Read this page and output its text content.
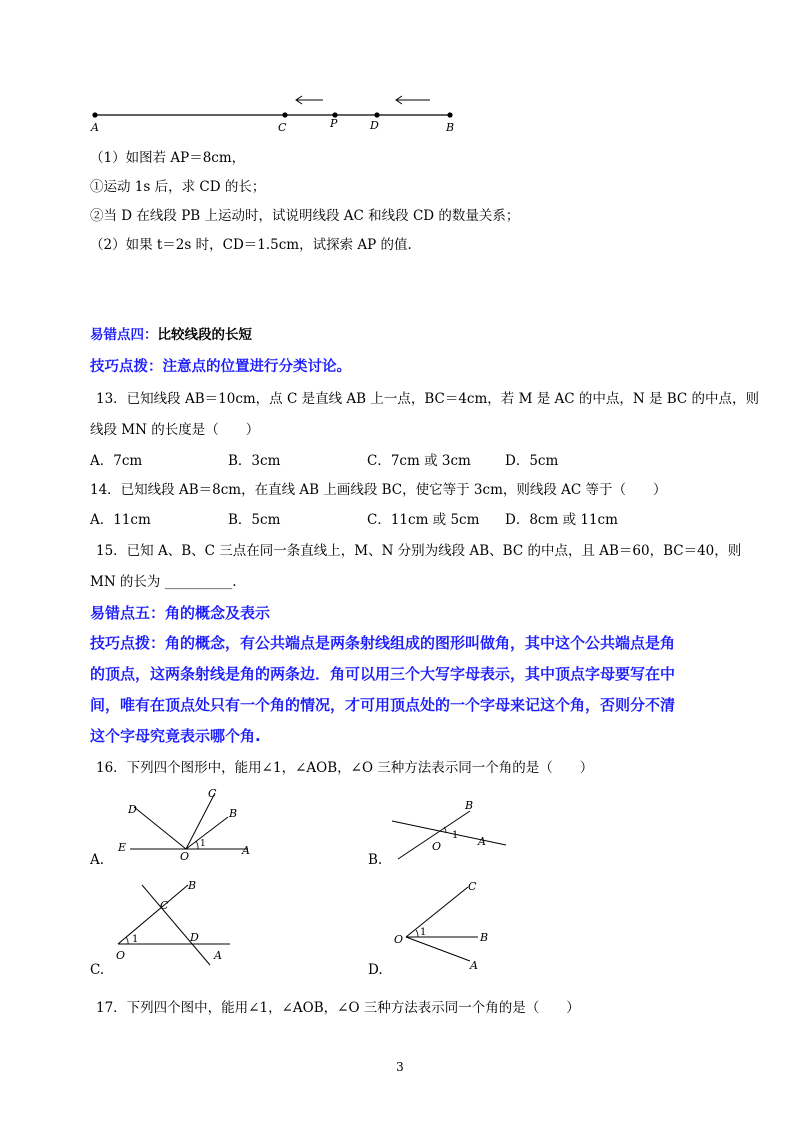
A	C	P	D	B
（1）如图若 AP＝8cm，
①运动 1s 后，求 CD 的长；
②当 D 在线段 PB 上运动时，试说明线段 AC 和线段 CD 的数量关系；
（2）如果 t＝2s 时，CD＝1.5cm，试探索 AP 的值.
易错点四：比较线段的长短
技巧点拨：注意点的位置进行分类讨论。
13．已知线段 AB＝10cm，点 C 是直线 AB 上一点，BC＝4cm，若 M 是 AC 的中点，N 是 BC 的中点，则
线段 MN 的长度是（　　）
A．7cm	B．3cm	C．7cm 或 3cm	D．5cm
14．已知线段 AB＝8cm，在直线 AB 上画线段 BC，使它等于 3cm，则线段 AC 等于（　　）
A．11cm	B．5cm	C．11cm 或 5cm D．8cm 或 11cm
15．已知 A、B、C 三点在同一条直线上，M、N 分别为线段 AB、BC 的中点，且 AB＝60，BC＝40，则
MN 的长为 __________.
易错点五：角的概念及表示
技巧点拨：角的概念，有公共端点是两条射线组成的图形叫做角，其中这个公共端点是角
的顶点，这两条射线是角的两条边．角可以用三个大写字母表示，其中顶点字母要写在中
间，唯有在顶点处只有一个角的情况，才可用顶点处的一个字母来记这个角，否则分不清
这个字母究竟表示哪个角.
16．下列四个图形中，能用∠1，∠AOB，∠O 三种方法表示同一个角的是（　　）
A.
D
C
B
E
O	A
1
B.
B
1
O	A
C.
B
C
1	D
O	A
D.
C
O
1	B
A
17．下列四个图中，能用∠1，∠AOB，∠O 三种方法表示同一个角的是（　　）
3
